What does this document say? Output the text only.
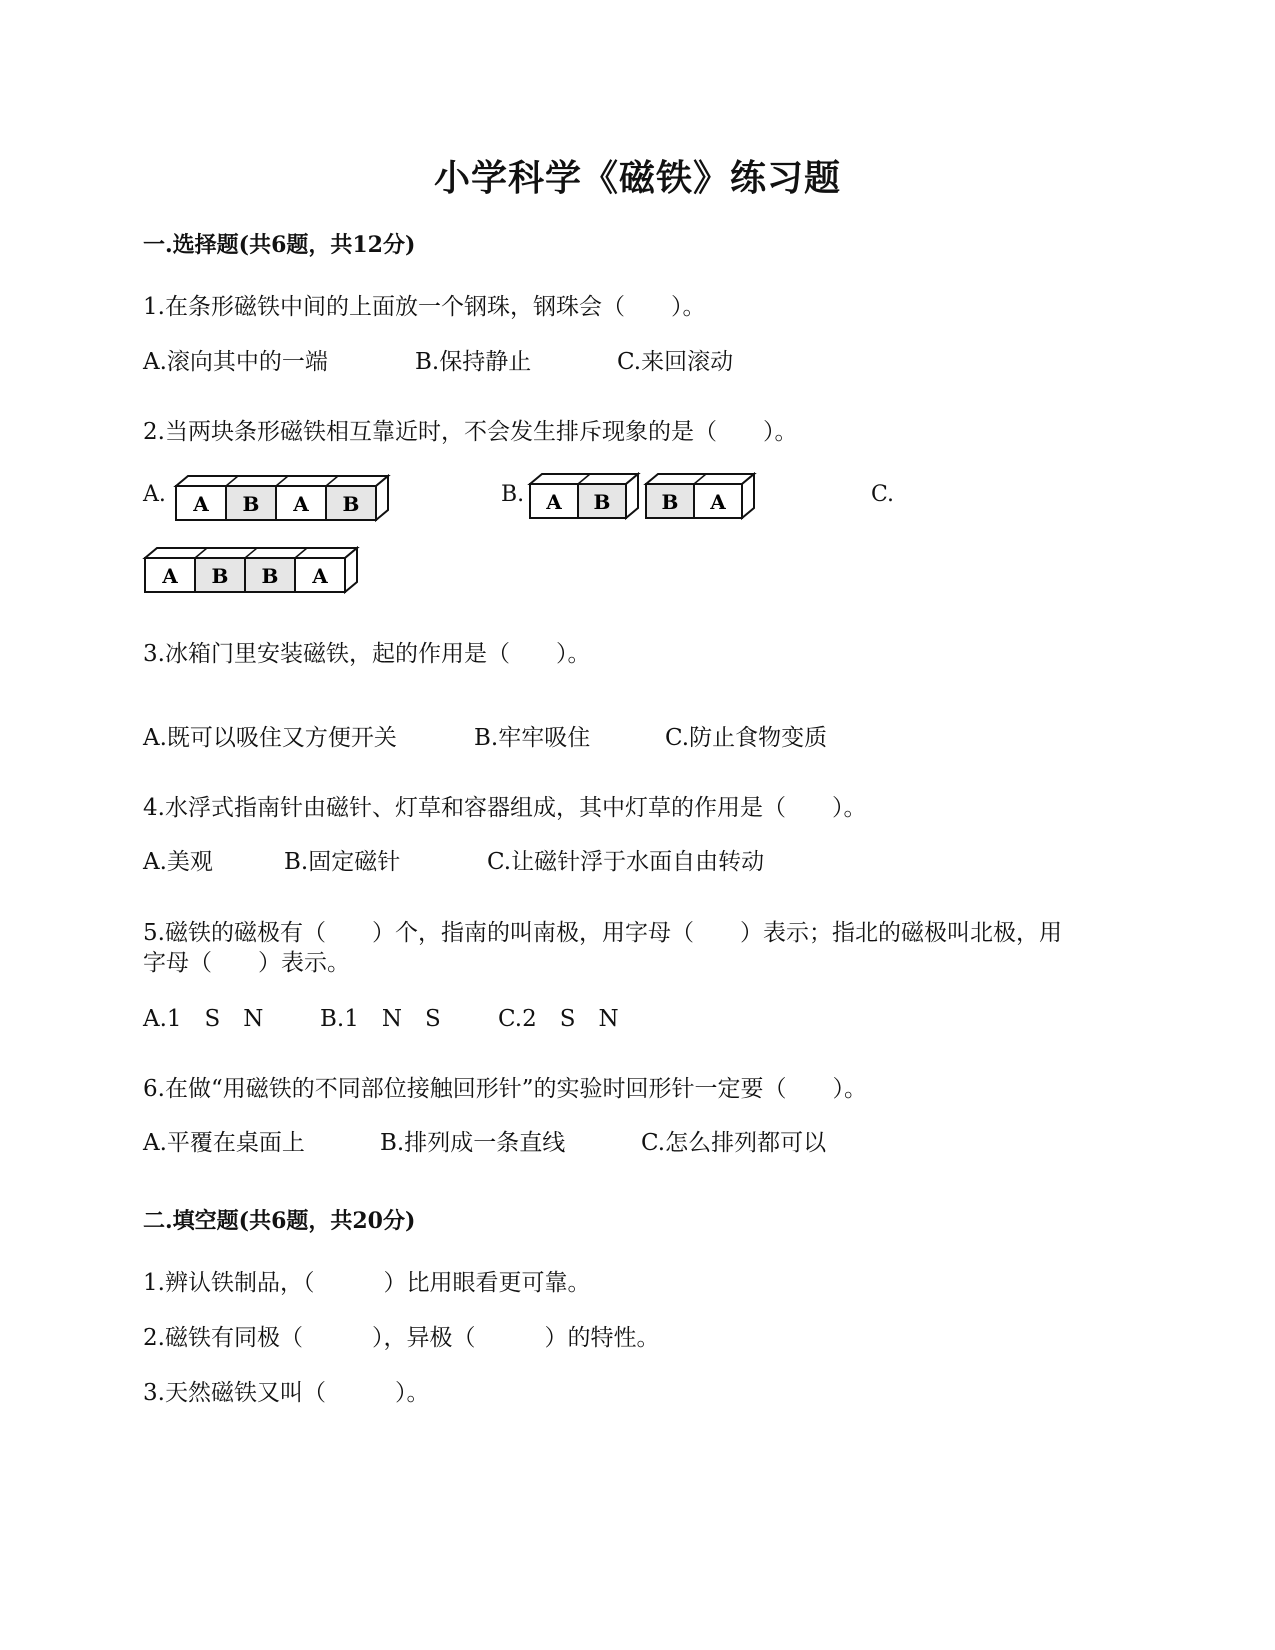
小学科学《磁铁》练习题
一.选择题(共6题，共12分)
1.在条形磁铁中间的上面放一个钢珠，钢珠会（　　）。
A.滚向其中的一端	B.保持静止	C.来回滚动
2.当两块条形磁铁相互靠近时，不会发生排斥现象的是（　　）。
A. A B A B	B. A B	B A	C.
A B B A
3.冰箱门里安装磁铁，起的作用是（　　）。
A.既可以吸住又方便开关	B.牢牢吸住	C.防止食物变质
4.水浮式指南针由磁针、灯草和容器组成，其中灯草的作用是（　　）。
A.美观	B.固定磁针	C.让磁针浮于水面自由转动
5.磁铁的磁极有（　　）个，指南的叫南极，用字母（　　）表示；指北的磁极叫北极，用
字母（　　）表示。
A.1　S　N B.1　N　S C.2　S　N
6.在做“用磁铁的不同部位接触回形针”的实验时回形针一定要（　　）。
A.平覆在桌面上	B.排列成一条直线	C.怎么排列都可以
二.填空题(共6题，共20分)
1.辨认铁制品，（　　　）比用眼看更可靠。
2.磁铁有同极（　　　），异极（　　　）的特性。
3.天然磁铁又叫（　　　）。
